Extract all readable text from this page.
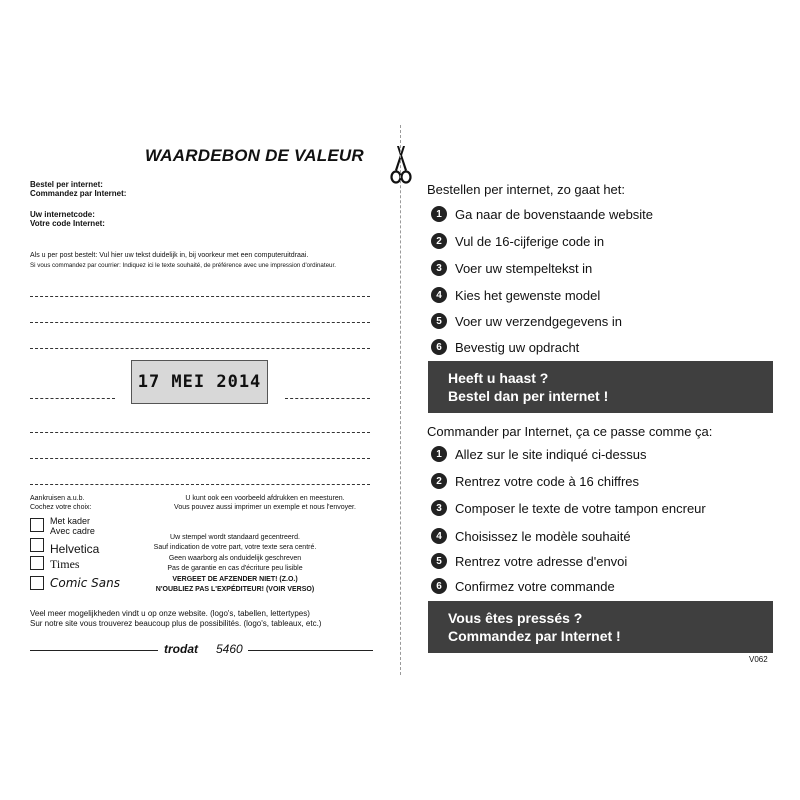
WAARDEBON DE VALEUR
Bestel per internet:
Commandez par Internet:
Uw internetcode:
Votre code Internet:
Als u per post bestelt: Vul hier uw tekst duidelijk in, bij voorkeur met een computeruitdraai.
Si vous commandez par courrier: Indiquez ici le texte souhaité, de préférence avec une impression d'ordinateur.
17 MEI 2014
Aankruisen a.u.b.
Cochez votre choix:
U kunt ook een voorbeeld afdrukken en meesturen.
Vous pouvez aussi imprimer un exemple et nous l'envoyer.
Met kader
Avec cadre
Helvetica
Times
Comic Sans
Uw stempel wordt standaard gecentreerd.
Sauf indication de votre part, votre texte sera centré.
Geen waarborg als onduidelijk geschreven
Pas de garantie en cas d'écriture peu lisible
VERGEET DE AFZENDER NIET! (Z.O.)
N'OUBLIEZ PAS L'EXPÉDITEUR! (VOIR VERSO)
Veel meer mogelijkheden vindt u op onze website. (logo's, tabellen, lettertypes)
Sur notre site vous trouverez beaucoup plus de possibilités. (logo's, tableaux, etc.)
trodat 5460
Bestellen per internet, zo gaat het:
1	Ga naar de bovenstaande website
2	Vul de 16-cijferige code in
3	Voer uw stempeltekst in
4	Kies het gewenste model
5	Voer uw verzendgegevens in
6	Bevestig uw opdracht
Heeft u haast ?
Bestel dan per internet !
Commander par Internet, ça ce passe comme ça:
1	Allez sur le site indiqué ci-dessus
2	Rentrez votre code à 16 chiffres
3	Composer le texte de votre tampon encreur
4	Choisissez le modèle souhaité
5	Rentrez votre adresse d'envoi
6	Confirmez votre commande
Vous êtes pressés ?
Commandez par Internet !
V062
